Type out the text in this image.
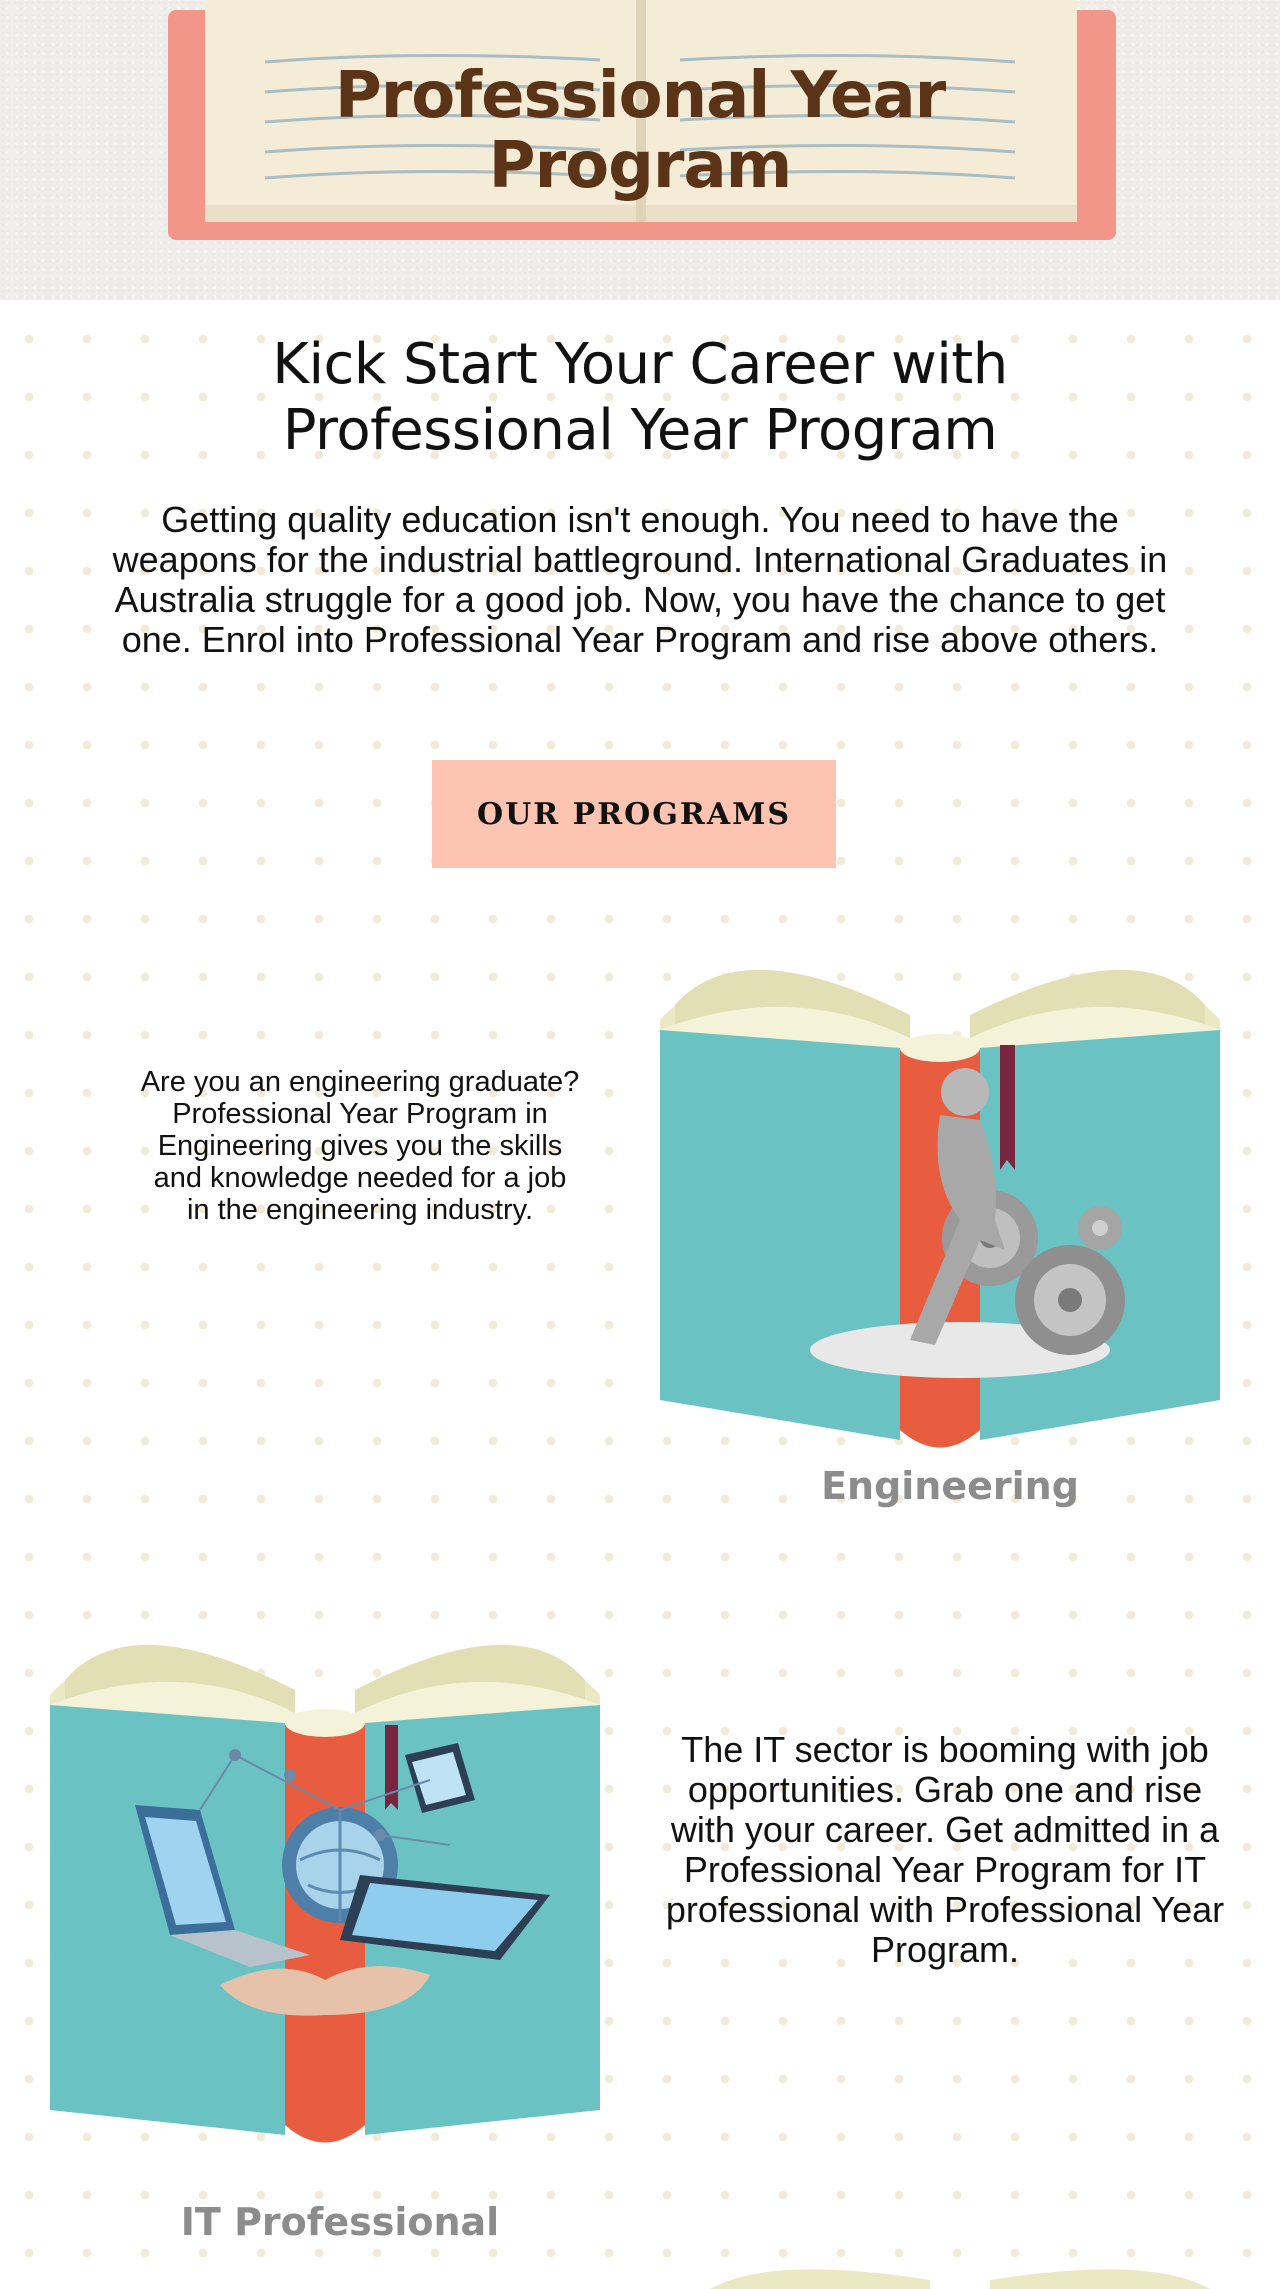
Professional Year Program
Kick Start Your Career with Professional Year Program

Getting quality education isn't enough. You need to have the weapons for the industrial battleground. International Graduates in Australia struggle for a good job. Now, you have the chance to get one. Enrol into Professional Year Program and rise above others.

OUR PROGRAMS

Are you an engineering graduate? Professional Year Program in Engineering gives you the skills and knowledge needed for a job in the engineering industry.

Engineering

The IT sector is booming with job opportunities. Grab one and rise with your career. Get admitted in a Professional Year Program for IT professional with Professional Year Program.

IT Professional
